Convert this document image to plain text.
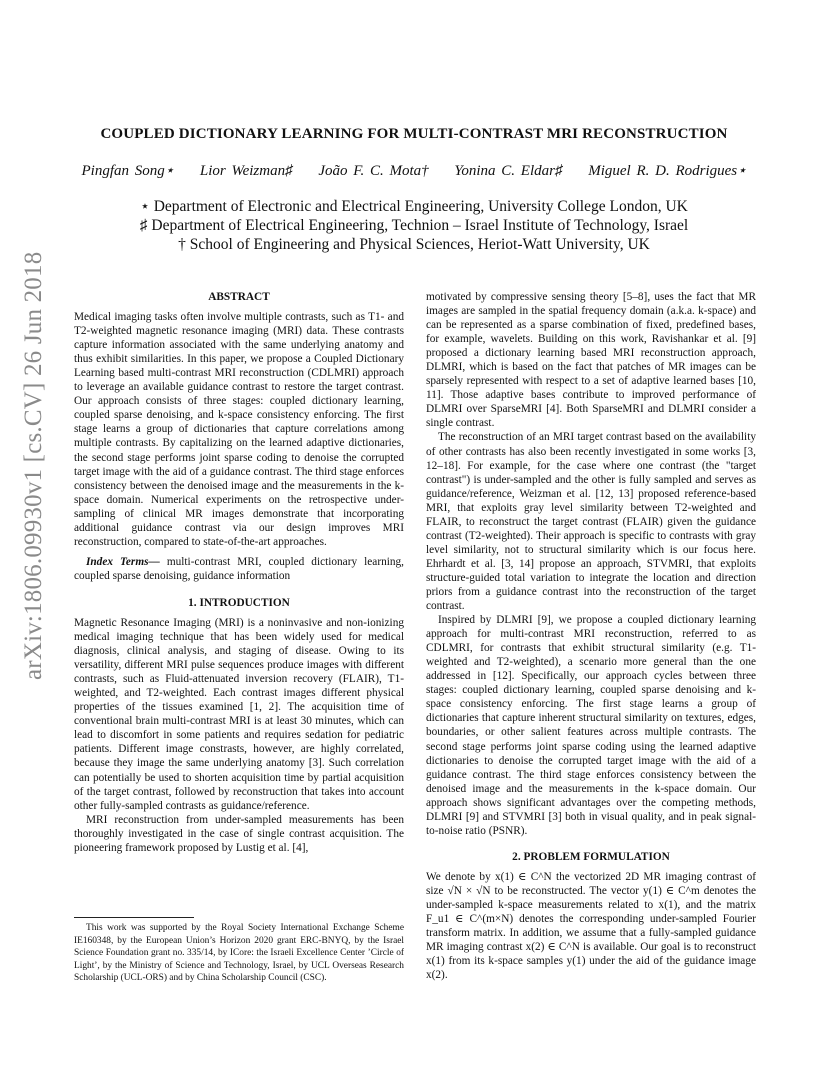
arXiv:1806.09930v1 [cs.CV] 26 Jun 2018
COUPLED DICTIONARY LEARNING FOR MULTI-CONTRAST MRI RECONSTRUCTION
Pingfan Song⋆ Lior Weizman♯ João F. C. Mota† Yonina C. Eldar♯ Miguel R. D. Rodrigues⋆
⋆ Department of Electronic and Electrical Engineering, University College London, UK
♯ Department of Electrical Engineering, Technion – Israel Institute of Technology, Israel
† School of Engineering and Physical Sciences, Heriot-Watt University, UK

ABSTRACT

Medical imaging tasks often involve multiple contrasts, such as T1- and T2-weighted magnetic resonance imaging (MRI) data. These contrasts capture information associated with the same underlying anatomy and thus exhibit similarities. In this paper, we propose a Coupled Dictionary Learning based multi-contrast MRI reconstruction (CDLMRI) approach to leverage an available guidance contrast to restore the target contrast. Our approach consists of three stages: coupled dictionary learning, coupled sparse denoising, and k-space consistency enforcing. The first stage learns a group of dictionaries that capture correlations among multiple contrasts. By capitalizing on the learned adaptive dictionaries, the second stage performs joint sparse coding to denoise the corrupted target image with the aid of a guidance contrast. The third stage enforces consistency between the denoised image and the measurements in the k-space domain. Numerical experiments on the retrospective under-sampling of clinical MR images demonstrate that incorporating additional guidance contrast via our design improves MRI reconstruction, compared to state-of-the-art approaches.

Index Terms— multi-contrast MRI, coupled dictionary learning, coupled sparse denoising, guidance information

1. INTRODUCTION

Magnetic Resonance Imaging (MRI) is a noninvasive and non-ionizing medical imaging technique that has been widely used for medical diagnosis, clinical analysis, and staging of disease. Owing to its versatility, different MRI pulse sequences produce images with different contrasts, such as Fluid-attenuated inversion recovery (FLAIR), T1-weighted, and T2-weighted. Each contrast images different physical properties of the tissues examined [1, 2]. The acquisition time of conventional brain multi-contrast MRI is at least 30 minutes, which can lead to discomfort in some patients and requires sedation for pediatric patients. Different image constrasts, however, are highly correlated, because they image the same underlying anatomy [3]. Such correlation can potentially be used to shorten acquisition time by partial acquisition of the target contrast, followed by reconstruction that takes into account other fully-sampled contrasts as guidance/reference.

MRI reconstruction from under-sampled measurements has been thoroughly investigated in the case of single contrast acquisition. The pioneering framework proposed by Lustig et al. [4],

This work was supported by the Royal Society International Exchange Scheme IE160348, by the European Union’s Horizon 2020 grant ERC-BNYQ, by the Israel Science Foundation grant no. 335/14, by ICore: the Israeli Excellence Center ’Circle of Light’, by the Ministry of Science and Technology, Israel, by UCL Overseas Research Scholarship (UCL-ORS) and by China Scholarship Council (CSC).

motivated by compressive sensing theory [5–8], uses the fact that MR images are sampled in the spatial frequency domain (a.k.a. k-space) and can be represented as a sparse combination of fixed, predefined bases, for example, wavelets. Building on this work, Ravishankar et al. [9] proposed a dictionary learning based MRI reconstruction approach, DLMRI, which is based on the fact that patches of MR images can be sparsely represented with respect to a set of adaptive learned bases [10, 11]. Those adaptive bases contribute to improved performance of DLMRI over SparseMRI [4]. Both SparseMRI and DLMRI consider a single contrast.

The reconstruction of an MRI target contrast based on the availability of other contrasts has also been recently investigated in some works [3, 12–18]. For example, for the case where one contrast (the "target contrast") is under-sampled and the other is fully sampled and serves as guidance/reference, Weizman et al. [12, 13] proposed reference-based MRI, that exploits gray level similarity between T2-weighted and FLAIR, to reconstruct the target contrast (FLAIR) given the guidance contrast (T2-weighted). Their approach is specific to contrasts with gray level similarity, not to structural similarity which is our focus here. Ehrhardt et al. [3, 14] propose an approach, STVMRI, that exploits structure-guided total variation to integrate the location and direction priors from a guidance contrast into the reconstruction of the target contrast.

Inspired by DLMRI [9], we propose a coupled dictionary learning approach for multi-contrast MRI reconstruction, referred to as CDLMRI, for contrasts that exhibit structural similarity (e.g. T1-weighted and T2-weighted), a scenario more general than the one addressed in [12]. Specifically, our approach cycles between three stages: coupled dictionary learning, coupled sparse denoising and k-space consistency enforcing. The first stage learns a group of dictionaries that capture inherent structural similarity on textures, edges, boundaries, or other salient features across multiple contrasts. The second stage performs joint sparse coding using the learned adaptive dictionaries to denoise the corrupted target image with the aid of a guidance contrast. The third stage enforces consistency between the denoised image and the measurements in the k-space domain. Our approach shows significant advantages over the competing methods, DLMRI [9] and STVMRI [3] both in visual quality, and in peak signal-to-noise ratio (PSNR).

2. PROBLEM FORMULATION

We denote by x(1) ∈ C^N the vectorized 2D MR imaging contrast of size √N × √N to be reconstructed. The vector y(1) ∈ C^m denotes the under-sampled k-space measurements related to x(1), and the matrix F_u1 ∈ C^(m×N) denotes the corresponding under-sampled Fourier transform matrix. In addition, we assume that a fully-sampled guidance MR imaging contrast x(2) ∈ C^N is available. Our goal is to reconstruct x(1) from its k-space samples y(1) under the aid of the guidance image x(2).
